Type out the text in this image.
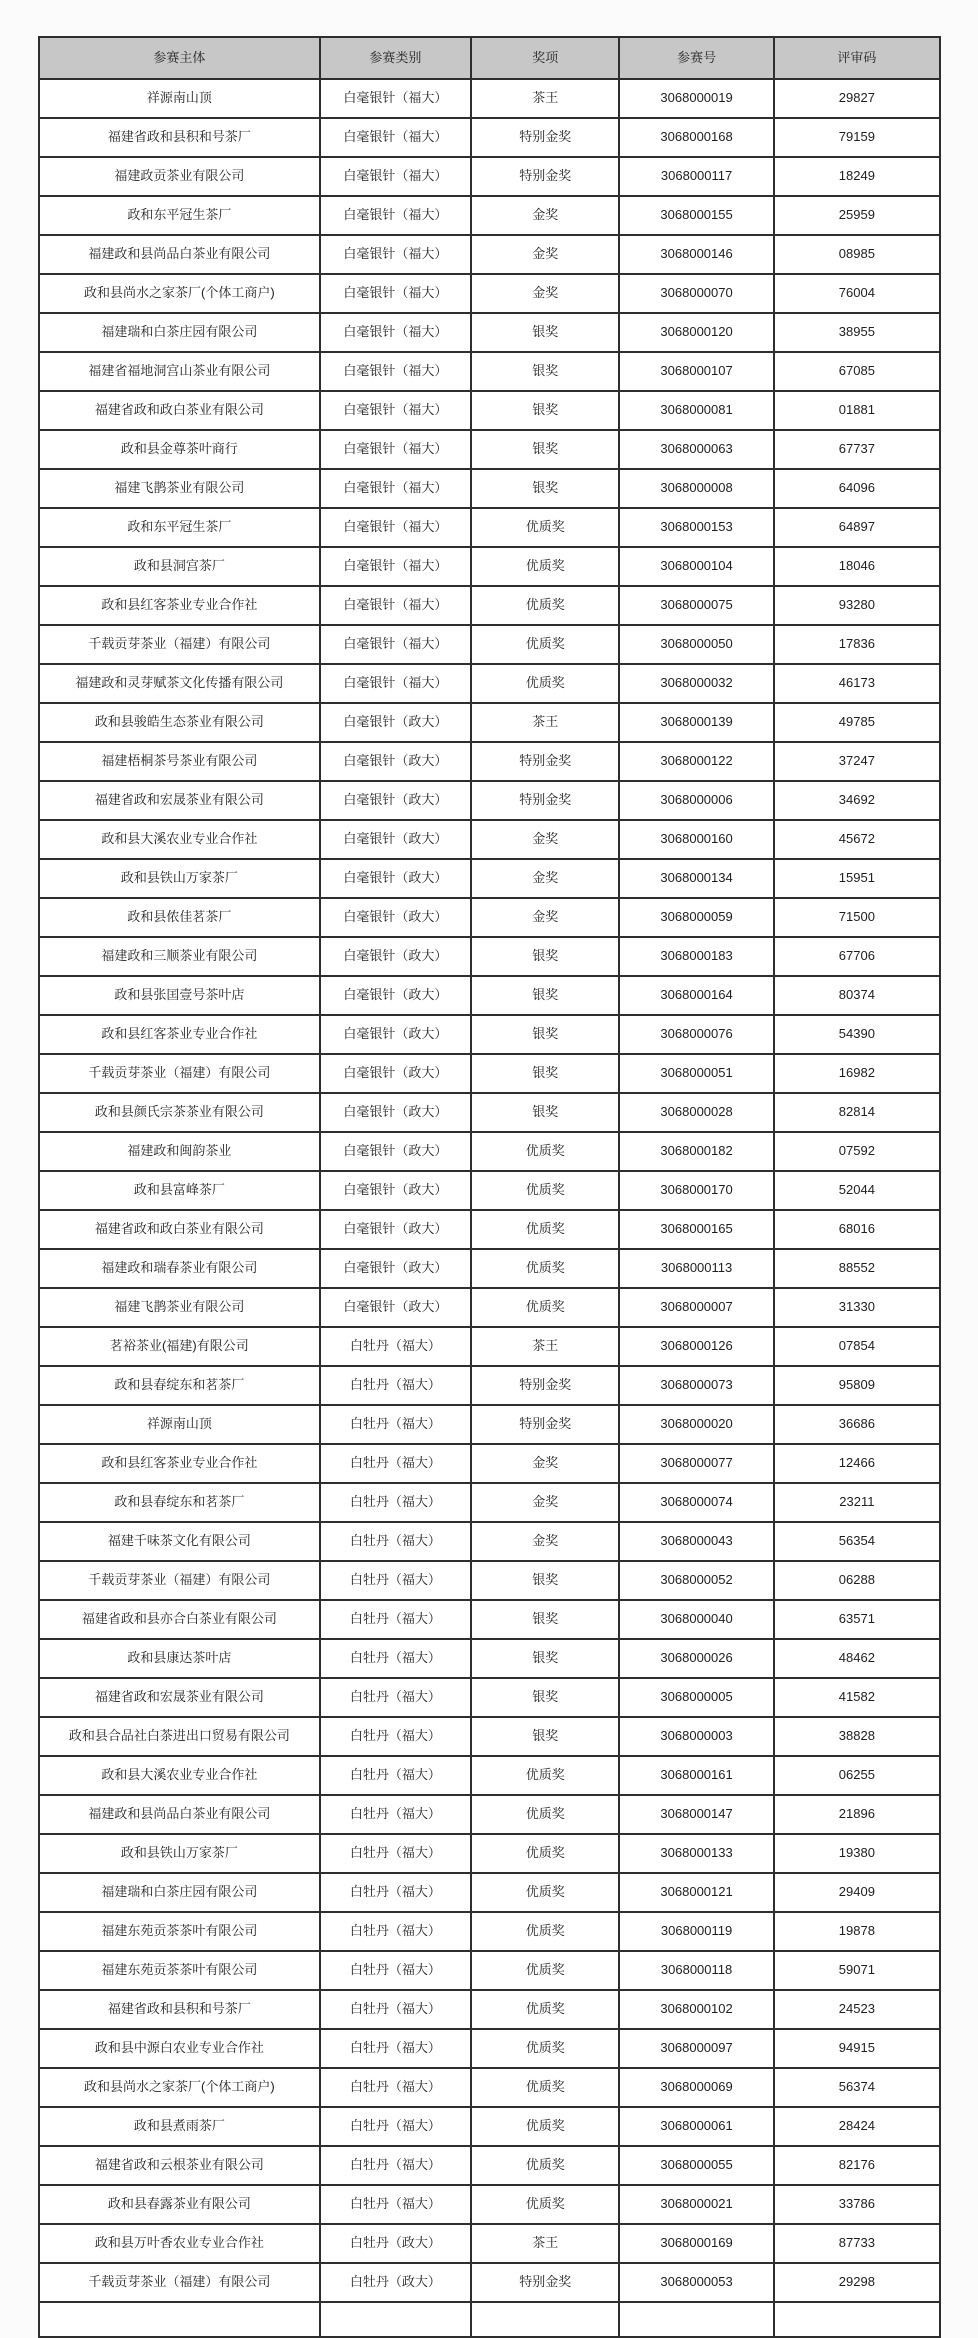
参赛主体	参赛类别	奖项	参赛号	评审码
祥源南山顶	白毫银针（福大）	茶王	3068000019	29827
福建省政和县积和号茶厂	白毫银针（福大）	特别金奖	3068000168	79159
福建政贡茶业有限公司	白毫银针（福大）	特别金奖	3068000117	18249
政和东平冠生茶厂	白毫银针（福大）	金奖	3068000155	25959
福建政和县尚品白茶业有限公司	白毫银针（福大）	金奖	3068000146	08985
政和县尚水之家茶厂(个体工商户)	白毫银针（福大）	金奖	3068000070	76004
福建瑞和白茶庄园有限公司	白毫银针（福大）	银奖	3068000120	38955
福建省福地洞宫山茶业有限公司	白毫银针（福大）	银奖	3068000107	67085
福建省政和政白茶业有限公司	白毫银针（福大）	银奖	3068000081	01881
政和县金尊茶叶商行	白毫银针（福大）	银奖	3068000063	67737
福建飞鹊茶业有限公司	白毫银针（福大）	银奖	3068000008	64096
政和东平冠生茶厂	白毫银针（福大）	优质奖	3068000153	64897
政和县洞宫茶厂	白毫银针（福大）	优质奖	3068000104	18046
政和县红客茶业专业合作社	白毫银针（福大）	优质奖	3068000075	93280
千载贡芽茶业（福建）有限公司	白毫银针（福大）	优质奖	3068000050	17836
福建政和灵芽赋茶文化传播有限公司	白毫银针（福大）	优质奖	3068000032	46173
政和县骏皓生态茶业有限公司	白毫银针（政大）	茶王	3068000139	49785
福建梧桐茶号茶业有限公司	白毫银针（政大）	特别金奖	3068000122	37247
福建省政和宏晟茶业有限公司	白毫银针（政大）	特别金奖	3068000006	34692
政和县大溪农业专业合作社	白毫银针（政大）	金奖	3068000160	45672
政和县铁山万家茶厂	白毫银针（政大）	金奖	3068000134	15951
政和县侬佳茗茶厂	白毫银针（政大）	金奖	3068000059	71500
福建政和三顺茶业有限公司	白毫银针（政大）	银奖	3068000183	67706
政和县张囯壹号茶叶店	白毫银针（政大）	银奖	3068000164	80374
政和县红客茶业专业合作社	白毫银针（政大）	银奖	3068000076	54390
千载贡芽茶业（福建）有限公司	白毫银针（政大）	银奖	3068000051	16982
政和县颜氏宗茶茶业有限公司	白毫银针（政大）	银奖	3068000028	82814
福建政和闽韵茶业	白毫银针（政大）	优质奖	3068000182	07592
政和县富峰茶厂	白毫银针（政大）	优质奖	3068000170	52044
福建省政和政白茶业有限公司	白毫银针（政大）	优质奖	3068000165	68016
福建政和瑞春茶业有限公司	白毫银针（政大）	优质奖	3068000113	88552
福建飞鹊茶业有限公司	白毫银针（政大）	优质奖	3068000007	31330
茗裕茶业(福建)有限公司	白牡丹（福大）	茶王	3068000126	07854
政和县春绽东和茗茶厂	白牡丹（福大）	特别金奖	3068000073	95809
祥源南山顶	白牡丹（福大）	特别金奖	3068000020	36686
政和县红客茶业专业合作社	白牡丹（福大）	金奖	3068000077	12466
政和县春绽东和茗茶厂	白牡丹（福大）	金奖	3068000074	23211
福建千味茶文化有限公司	白牡丹（福大）	金奖	3068000043	56354
千载贡芽茶业（福建）有限公司	白牡丹（福大）	银奖	3068000052	06288
福建省政和县亦合白茶业有限公司	白牡丹（福大）	银奖	3068000040	63571
政和县康达茶叶店	白牡丹（福大）	银奖	3068000026	48462
福建省政和宏晟茶业有限公司	白牡丹（福大）	银奖	3068000005	41582
政和县合品社白茶进出口贸易有限公司	白牡丹（福大）	银奖	3068000003	38828
政和县大溪农业专业合作社	白牡丹（福大）	优质奖	3068000161	06255
福建政和县尚品白茶业有限公司	白牡丹（福大）	优质奖	3068000147	21896
政和县铁山万家茶厂	白牡丹（福大）	优质奖	3068000133	19380
福建瑞和白茶庄园有限公司	白牡丹（福大）	优质奖	3068000121	29409
福建东苑贡茶茶叶有限公司	白牡丹（福大）	优质奖	3068000119	19878
福建东苑贡茶茶叶有限公司	白牡丹（福大）	优质奖	3068000118	59071
福建省政和县积和号茶厂	白牡丹（福大）	优质奖	3068000102	24523
政和县中源白农业专业合作社	白牡丹（福大）	优质奖	3068000097	94915
政和县尚水之家茶厂(个体工商户)	白牡丹（福大）	优质奖	3068000069	56374
政和县煮雨茶厂	白牡丹（福大）	优质奖	3068000061	28424
福建省政和云根茶业有限公司	白牡丹（福大）	优质奖	3068000055	82176
政和县春露茶业有限公司	白牡丹（福大）	优质奖	3068000021	33786
政和县万叶香农业专业合作社	白牡丹（政大）	茶王	3068000169	87733
千载贡芽茶业（福建）有限公司	白牡丹（政大）	特别金奖	3068000053	29298
